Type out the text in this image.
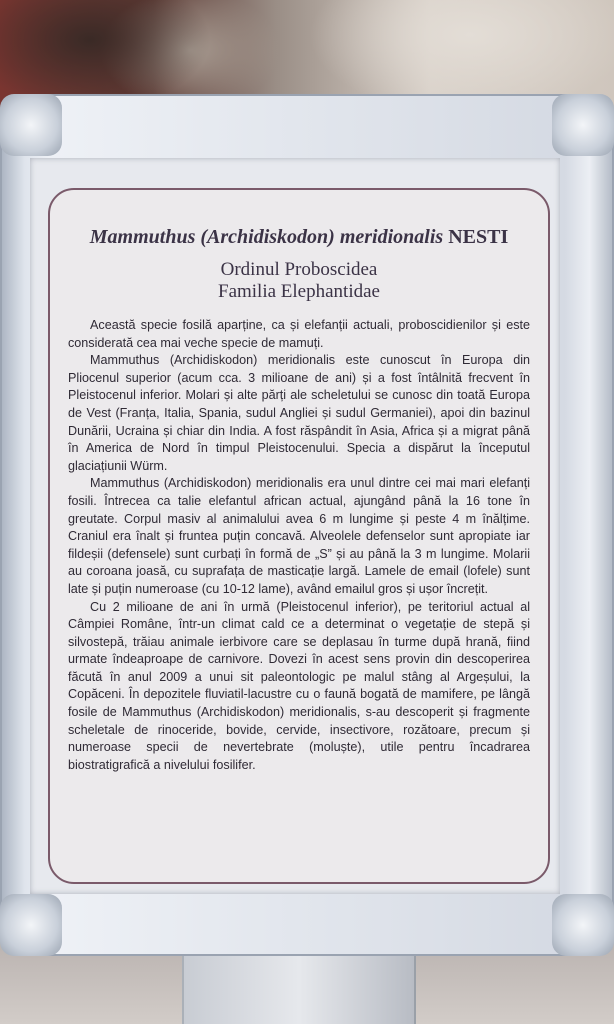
Mammuthus (Archidiskodon) meridionalis NESTI
Ordinul Proboscidea
Familia Elephantidae

Această specie fosilă aparține, ca și elefanții actuali, proboscidienilor și este considerată cea mai veche specie de mamuți.

Mammuthus (Archidiskodon) meridionalis este cunoscut în Europa din Pliocenul superior (acum cca. 3 milioane de ani) și a fost întâlnită frecvent în Pleistocenul inferior. Molari și alte părți ale scheletului se cunosc din toată Europa de Vest (Franța, Italia, Spania, sudul Angliei și sudul Germaniei), apoi din bazinul Dunării, Ucraina și chiar din India. A fost răspândit în Asia, Africa și a migrat până în America de Nord în timpul Pleistocenului. Specia a dispărut la începutul glaciațiunii Würm.

Mammuthus (Archidiskodon) meridionalis era unul dintre cei mai mari elefanți fosili. Întrecea ca talie elefantul african actual, ajungând până la 16 tone în greutate. Corpul masiv al animalului avea 6 m lungime și peste 4 m înălțime. Craniul era înalt și fruntea puțin concavă. Alveolele defenselor sunt apropiate iar fildeșii (defensele) sunt curbați în formă de „S” și au până la 3 m lungime. Molarii au coroana joasă, cu suprafața de masticație largă. Lamele de email (lofele) sunt late și puțin numeroase (cu 10-12 lame), având emailul gros și ușor încrețit.

Cu 2 milioane de ani în urmă (Pleistocenul inferior), pe teritoriul actual al Câmpiei Române, într-un climat cald ce a determinat o vegetație de stepă și silvostepă, trăiau animale ierbivore care se deplasau în turme după hrană, fiind urmate îndeaproape de carnivore. Dovezi în acest sens provin din descoperirea făcută în anul 2009 a unui sit paleontologic pe malul stâng al Argeșului, la Copăceni. În depozitele fluviatil-lacustre cu o faună bogată de mamifere, pe lângă fosile de Mammuthus (Archidiskodon) meridionalis, s-au descoperit și fragmente scheletale de rinoceride, bovide, cervide, insectivore, rozătoare, precum și numeroase specii de nevertebrate (moluște), utile pentru încadrarea biostratigrafică a nivelului fosilifer.
